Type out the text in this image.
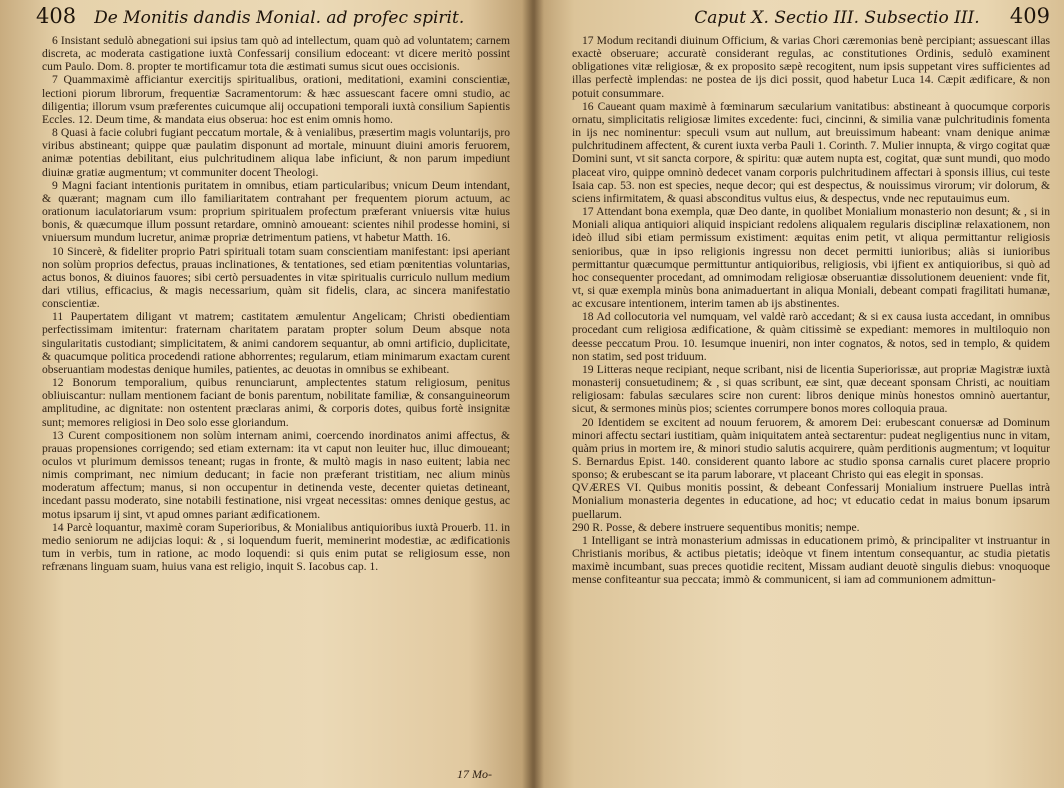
408 De Monitis dandis Monial. ad profec spirit.

6 Insistant sedulò abnegationi sui ipsius tam quò ad intellectum, quam quò ad voluntatem; carnem discreta, ac moderata castigatione iuxtà Confessarij consilium edoceant: vt dicere meritò possint cum Paulo. Dom. 8. propter te mortificamur tota die æstimati sumus sicut oues occisionis.

7 Quammaximè afficiantur exercitijs spiritualibus, orationi, meditationi, examini conscientiæ, lectioni piorum librorum, frequentiæ Sacramentorum: & hæc assuescant facere omni studio, ac diligentia; illorum vsum præferentes cuicumque alij occupationi temporali iuxtà consilium Sapientis Eccles. 12. Deum time, & mandata eius obserua: hoc est enim omnis homo.

8 Quasi à facie colubri fugiant peccatum mortale, & à venialibus, præsertim magis voluntarijs, pro viribus abstineant; quippe quæ paulatim disponunt ad mortale, minuunt diuini amoris feruorem, animæ potentias debilitant, eius pulchritudinem aliqua labe inficiunt, & non parum impediunt diuinæ gratiæ augmentum; vt communiter docent Theologi.

9 Magni faciant intentionis puritatem in omnibus, etiam particularibus; vnicum Deum intendant, & quærant; magnam cum illo familiaritatem contrahant per frequentem piorum actuum, ac orationum iaculatoriarum vsum: proprium spiritualem profectum præferant vniuersis vitæ huius bonis, & quæcumque illum possunt retardare, omninò amoueant: scientes nihil prodesse homini, si vniuersum mundum lucretur, animæ propriæ detrimentum patiens, vt habetur Matth. 16.

10 Sincerè, & fideliter proprio Patri spirituali totam suam conscientiam manifestant: ipsi aperiant non solùm proprios defectus, prauas inclinationes, & tentationes, sed etiam pœnitentias voluntarias, actus bonos, & diuinos fauores; sibi certò persuadentes in vitæ spiritualis curriculo nullum medium dari vtilius, efficacius, & magis necessarium, quàm sit fidelis, clara, ac sincera manifestatio conscientiæ.

11 Paupertatem diligant vt matrem; castitatem æmulentur Angelicam; Christi obedientiam perfectissimam imitentur: fraternam charitatem paratam propter solum Deum absque nota singularitatis custodiant; simplicitatem, & animi candorem sequantur, ab omni artificio, duplicitate, & quacumque politica procedendi ratione abhorrentes; regularum, etiam minimarum exactam curent obseruantiam modestas denique humiles, patientes, ac deuotas in omnibus se exhibeant.

12 Bonorum temporalium, quibus renunciarunt, amplectentes statum religiosum, penitus obliuiscantur: nullam mentionem faciant de bonis parentum, nobilitate familiæ, & consanguineorum amplitudine, ac dignitate: non ostentent præclaras animi, & corporis dotes, quibus fortè insignitæ sunt; memores religiosi in Deo solo esse gloriandum.

13 Curent compositionem non solùm internam animi, coercendo inordinatos animi affectus, & prauas propensiones corrigendo; sed etiam externam: ita vt caput non leuiter huc, illuc dimoueant; oculos vt plurimum demissos teneant; rugas in fronte, & multò magis in naso euitent; labia nec nimis comprimant, nec nimium deducant; in facie non præferant tristitiam, nec alium minùs moderatum affectum; manus, si non occupentur in detinenda veste, decenter quietas detineant, incedant passu moderato, sine notabili festinatione, nisi vrgeat necessitas: omnes denique gestus, ac motus ipsarum ij sint, vt apud omnes pariant ædificationem.

14 Parcè loquantur, maximè coram Superioribus, & Monialibus antiquioribus iuxtà Prouerb. 11. in medio seniorum ne adijcias loqui: & , si loquendum fuerit, meminerint modestiæ, ac ædificationis tum in verbis, tum in ratione, ac modo loquendi: si quis enim putat se religiosum esse, non refrænans linguam suam, huius vana est religio, inquit S. Iacobus cap. 1.

17 Mo-
Caput X. Sectio III. Subsectio III.	409

17 Modum recitandi diuinum Officium, & varias Chori cæremonias benè percipiant; assuescant illas exactè obseruare; accuratè considerant regulas, ac constitutiones Ordinis, sedulò examinent obligationes vitæ religiosæ, & ex proposito sæpè recogitent, num ipsis suppetant vires sufficientes ad illas perfectè implendas: ne postea de ijs dici possit, quod habetur Luca 14. Cæpit ædificare, & non potuit consummare.

16 Caueant quam maximè à fœminarum sæcularium vanitatibus: abstineant à quocumque corporis ornatu, simplicitatis religiosæ limites excedente: fuci, cincinni, & similia vanæ pulchritudinis fomenta in ijs nec nominentur: speculi vsum aut nullum, aut breuissimum habeant: vnam denique animæ pulchritudinem affectent, & curent iuxta verba Pauli 1. Corinth. 7. Mulier innupta, & virgo cogitat quæ Domini sunt, vt sit sancta corpore, & spiritu: quæ autem nupta est, cogitat, quæ sunt mundi, quo modo placeat viro, quippe omninò dedecet vanam corporis pulchritudinem affectari à sponsis illius, cui teste Isaia cap. 53. non est species, neque decor; qui est despectus, & nouissimus virorum; vir dolorum, & sciens infirmitatem, & quasi absconditus vultus eius, & despectus, vnde nec reputauimus eum.

17 Attendant bona exempla, quæ Deo dante, in quolibet Monialium monasterio non desunt; & , si in Moniali aliqua antiquiori aliquid inspiciant redolens aliqualem regularis disciplinæ relaxationem, non ideò illud sibi etiam permissum existiment: æquitas enim petit, vt aliqua permittantur religiosis senioribus, quæ in ipso religionis ingressu non decet permitti iunioribus; aliàs si iunioribus permittantur quæcumque permittuntur antiquioribus, religiosis, vbi ijfient ex antiquioribus, si quò ad hoc consequenter procedant, ad omnimodam religiosæ obseruantiæ dissolutionem deuenient: vnde fit, vt, si quæ exempla minùs bona animaduertant in aliqua Moniali, debeant compati fragilitati humanæ, ac excusare intentionem, interim tamen ab ijs abstinentes.

18 Ad collocutoria vel numquam, vel valdè rarò accedant; & si ex causa iusta accedant, in omnibus procedant cum religiosa ædificatione, & quàm citissimè se expediant: memores in multiloquio non deesse peccatum Prou. 10. Iesumque inueniri, non inter cognatos, & notos, sed in templo, & quidem non statim, sed post triduum.

19 Litteras neque recipiant, neque scribant, nisi de licentia Superiorissæ, aut propriæ Magistræ iuxtà monasterij consuetudinem; & , si quas scribunt, eæ sint, quæ deceant sponsam Christi, ac nouitiam religiosam: fabulas sæculares scire non curent: libros denique minùs honestos omninò auertantur, sicut, & sermones minùs pios; scientes corrumpere bonos mores colloquia praua.

20 Identidem se excitent ad nouum feruorem, & amorem Dei: erubescant conuersæ ad Dominum minori affectu sectari iustitiam, quàm iniquitatem anteà sectarentur: pudeat negligentius nunc in vitam, quàm prius in mortem ire, & minori studio salutis acquirere, quàm perditionis augmentum; vt loquitur S. Bernardus Epist. 140. considerent quanto labore ac studio sponsa carnalis curet placere proprio sponso; & erubescant se ita parum laborare, vt placeant Christo qui eas elegit in sponsas.

QVÆRES VI. Quibus monitis possint, & debeant Confessarij Monialium instruere Puellas intrà Monialium monasteria degentes in educatione, ad hoc; vt educatio cedat in maius bonum ipsarum puellarum.

290 R. Posse, & debere instruere sequentibus monitis; nempe.

1 Intelligant se intrà monasterium admissas in educationem primò, & principaliter vt instruantur in Christianis moribus, & actibus pietatis; ideòque vt finem intentum consequantur, ac studia pietatis maximè incumbant, suas preces quotidie recitent, Missam audiant deuotè singulis diebus: vnoquoque mense confiteantur sua peccata; immò & communicent, si iam ad communionem admittun-
